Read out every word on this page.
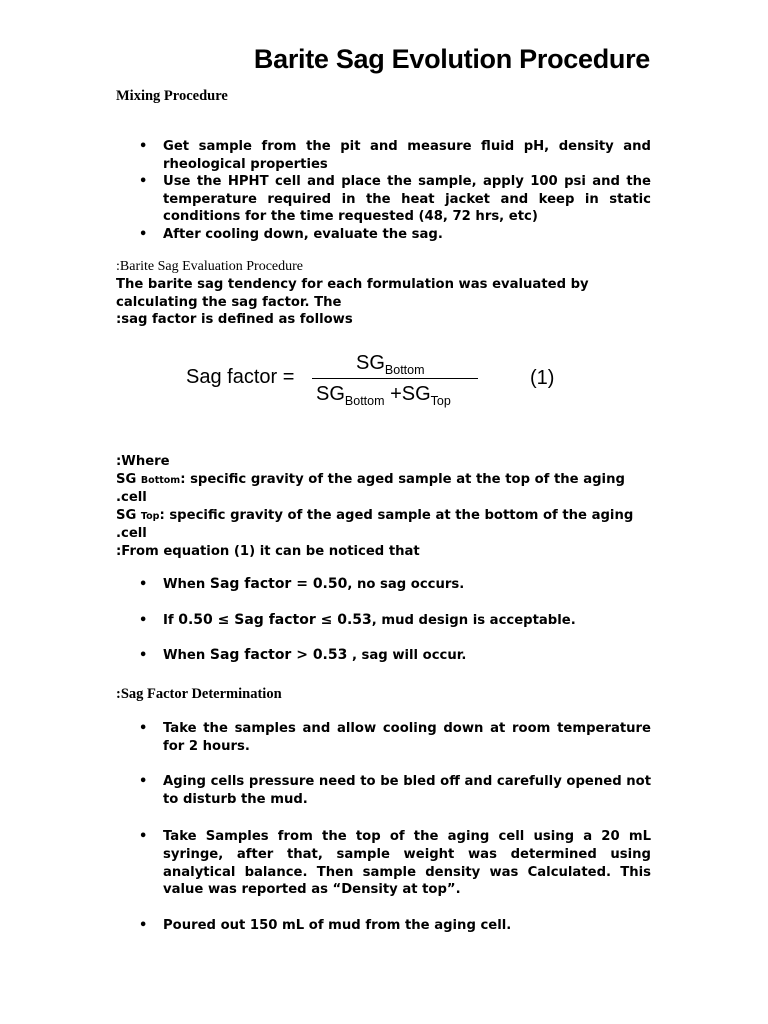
Barite Sag Evolution Procedure
Mixing Procedure
• Get sample from the pit and measure fluid pH, density and rheological properties
• Use the HPHT cell and place the sample, apply 100 psi and the temperature required in the heat jacket and keep in static conditions for the time requested (48, 72 hrs, etc)
• After cooling down, evaluate the sag.
:Barite Sag Evaluation Procedure
The barite sag tendency for each formulation was evaluated by
calculating the sag factor. The
:sag factor is defined as follows
Sag factor =
$SG_{Bottom}$
$SG_{Bottom} +SG_{Top}$
(1)
:Where
SG Bottom: specific gravity of the aged sample at the top of the aging
.cell
SG Top: specific gravity of the aged sample at the bottom of the aging
.cell
:From equation (1) it can be noticed that
• When Sag factor = 0.50, no sag occurs.
• If 0.50 ≤ Sag factor ≤ 0.53, mud design is acceptable.
• When Sag factor > 0.53 , sag will occur.
:Sag Factor Determination
• Take the samples and allow cooling down at room temperature for 2 hours.
• Aging cells pressure need to be bled off and carefully opened not to disturb the mud.
• Take Samples from the top of the aging cell using a 20 mL syringe, after that, sample weight was determined using analytical balance. Then sample density was Calculated. This value was reported as “Density at top”.
• Poured out 150 mL of mud from the aging cell.
